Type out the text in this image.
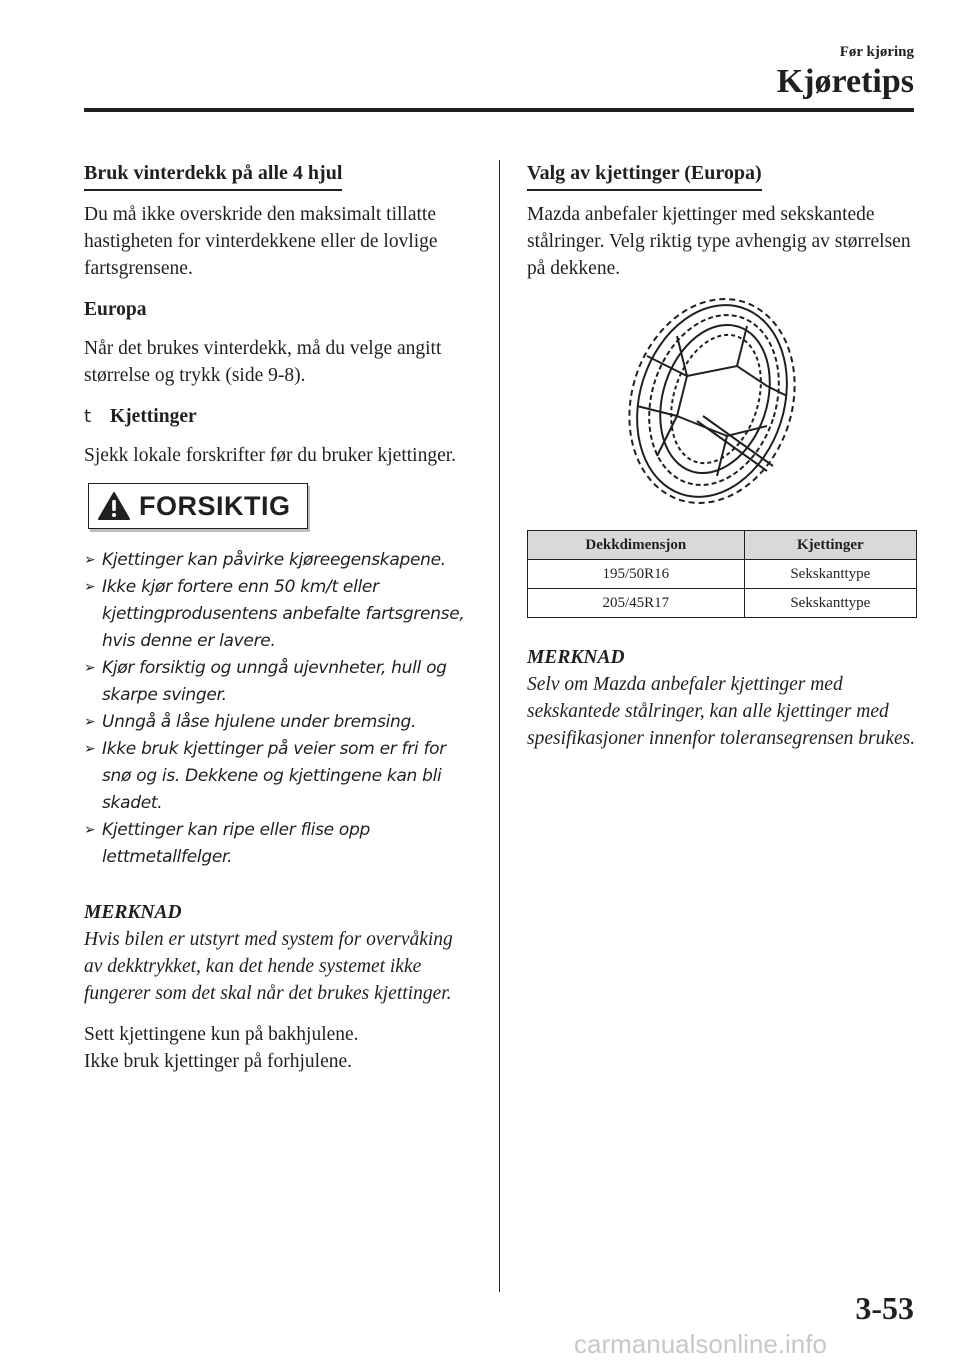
Før kjøring
Kjøretips
Bruk vinterdekk på alle 4 hjul

Du må ikke overskride den maksimalt tillatte hastigheten for vinterdekkene eller de lovlige fartsgrensene.

Europa

Når det brukes vinterdekk, må du velge angitt størrelse og trykk (side 9-8).

t Kjettinger

Sjekk lokale forskrifter før du bruker kjettinger.

FORSIKTIG
➢ Kjettinger kan påvirke kjøreegenskapene.
➢ Ikke kjør fortere enn 50 km/t eller kjettingprodusentens anbefalte fartsgrense, hvis denne er lavere.
➢ Kjør forsiktig og unngå ujevnheter, hull og skarpe svinger.
➢ Unngå å låse hjulene under bremsing.
➢ Ikke bruk kjettinger på veier som er fri for snø og is. Dekkene og kjettingene kan bli skadet.
➢ Kjettinger kan ripe eller flise opp lettmetallfelger.
MERKNAD

Hvis bilen er utstyrt med system for overvåking av dekktrykket, kan det hende systemet ikke fungerer som det skal når det brukes kjettinger.

Sett kjettingene kun på bakhjulene.
Ikke bruk kjettinger på forhjulene.

Valg av kjettinger (Europa)

Mazda anbefaler kjettinger med sekskantede stålringer. Velg riktig type avhengig av størrelsen på dekkene.

Dekkdimensjon	Kjettinger
195/50R16	Sekskanttype
205/45R17	Sekskanttype
MERKNAD

Selv om Mazda anbefaler kjettinger med sekskantede stålringer, kan alle kjettinger med spesifikasjoner innenfor toleransegrensen brukes.

3-53
carmanualsonline.info
